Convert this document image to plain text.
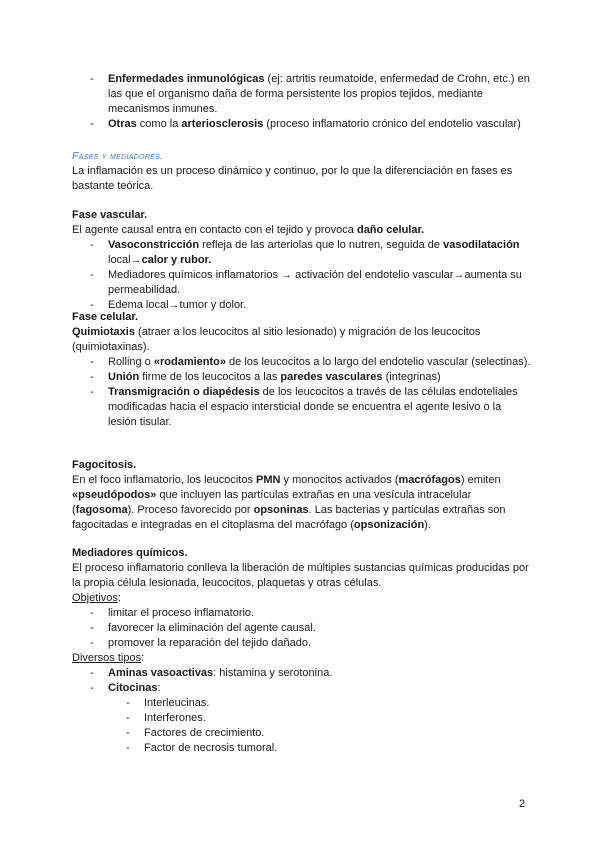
- Enfermedades inmunológicas (ej: artritis reumatoide, enfermedad de Crohn, etc.) en las que el organismo daña de forma persistente los propios tejidos, mediante mecanismos inmunes.
- Otras como la arteriosclerosis (proceso inflamatorio crónico del endotelio vascular)
Fases y mediadores.
La inflamación es un proceso dinámico y continuo, por lo que la diferenciación en fases es bastante teórica.
Fase vascular.
El agente causal entra en contacto con el tejido y provoca daño celular.
- Vasoconstricción refleja de las arteriolas que lo nutren, seguida de vasodilatación local→calor y rubor.
- Mediadores químicos inflamatorios → activación del endotelio vascular→aumenta su permeabilidad.
- Edema local→tumor y dolor.
Fase celular.
Quimiotaxis (atraer a los leucocitos al sitio lesionado) y migración de los leucocitos (quimiotaxinas).
- Rolling o «rodamiento» de los leucocitos a lo largo del endotelio vascular (selectinas).
- Unión firme de los leucocitos a las paredes vasculares (integrinas)
- Transmigración o diapédesis de los leucocitos a través de las células endoteliales modificadas hacia el espacio intersticial donde se encuentra el agente lesivo o la lesión tisular.
Fagocitosis.
En el foco inflamatorio, los leucocitos PMN y monocitos activados (macrófagos) emiten «pseudópodos» que incluyen las partículas extrañas en una vesícula intracelular (fagosoma). Proceso favorecido por opsoninas. Las bacterias y partículas extrañas son fagocitadas e integradas en el citoplasma del macrófago (opsonización).
Mediadores químicos.
El proceso inflamatorio conlleva la liberación de múltiples sustancias químicas producidas por la propia célula lesionada, leucocitos, plaquetas y otras células.
Objetivos:
- limitar el proceso inflamatorio.
- favorecer la eliminación del agente causal.
- promover la reparación del tejido dañado.
Diversos tipos:
- Aminas vasoactivas: histamina y serotonina.
- Citocinas:
- Interleucinas.
- Interferones.
- Factores de crecimiento.
- Factor de necrosis tumoral.
2
